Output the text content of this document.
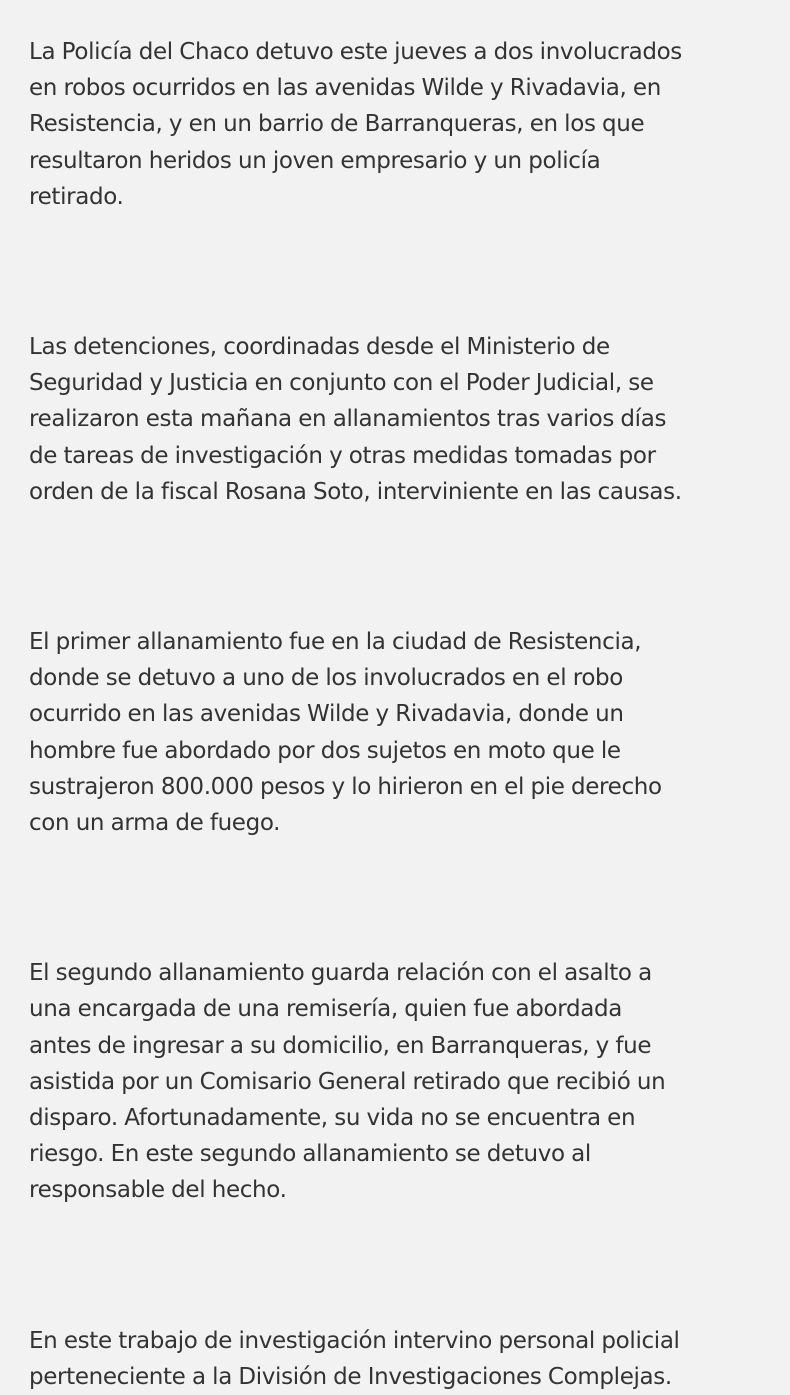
La Policía del Chaco detuvo este jueves a dos involucrados
en robos ocurridos en las avenidas Wilde y Rivadavia, en
Resistencia, y en un barrio de Barranqueras, en los que
resultaron heridos un joven empresario y un policía
retirado.

Las detenciones, coordinadas desde el Ministerio de
Seguridad y Justicia en conjunto con el Poder Judicial, se
realizaron esta mañana en allanamientos tras varios días
de tareas de investigación y otras medidas tomadas por
orden de la fiscal Rosana Soto, interviniente en las causas.

El primer allanamiento fue en la ciudad de Resistencia,
donde se detuvo a uno de los involucrados en el robo
ocurrido en las avenidas Wilde y Rivadavia, donde un
hombre fue abordado por dos sujetos en moto que le
sustrajeron 800.000 pesos y lo hirieron en el pie derecho
con un arma de fuego.

El segundo allanamiento guarda relación con el asalto a
una encargada de una remisería, quien fue abordada
antes de ingresar a su domicilio, en Barranqueras, y fue
asistida por un Comisario General retirado que recibió un
disparo. Afortunadamente, su vida no se encuentra en
riesgo. En este segundo allanamiento se detuvo al
responsable del hecho.

En este trabajo de investigación intervino personal policial
perteneciente a la División de Investigaciones Complejas.
